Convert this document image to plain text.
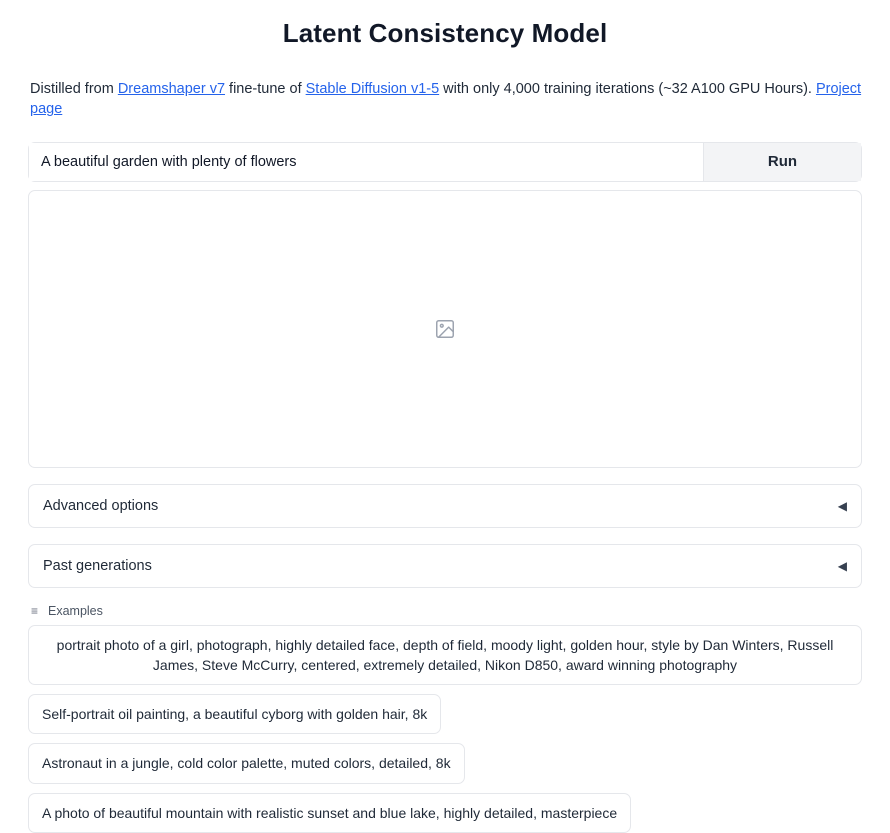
Latent Consistency Model

Distilled from Dreamshaper v7 fine-tune of Stable Diffusion v1-5 with only 4,000 training iterations (~32 A100 GPU Hours). Project page

A beautiful garden with plenty of flowers
Run
Advanced options	◀
Past generations	◀
≡ Examples
portrait photo of a girl, photograph, highly detailed face, depth of field, moody light, golden hour, style by Dan Winters, Russell James, Steve McCurry, centered, extremely detailed, Nikon D850, award winning photography
Self-portrait oil painting, a beautiful cyborg with golden hair, 8k
Astronaut in a jungle, cold color palette, muted colors, detailed, 8k
A photo of beautiful mountain with realistic sunset and blue lake, highly detailed, masterpiece
